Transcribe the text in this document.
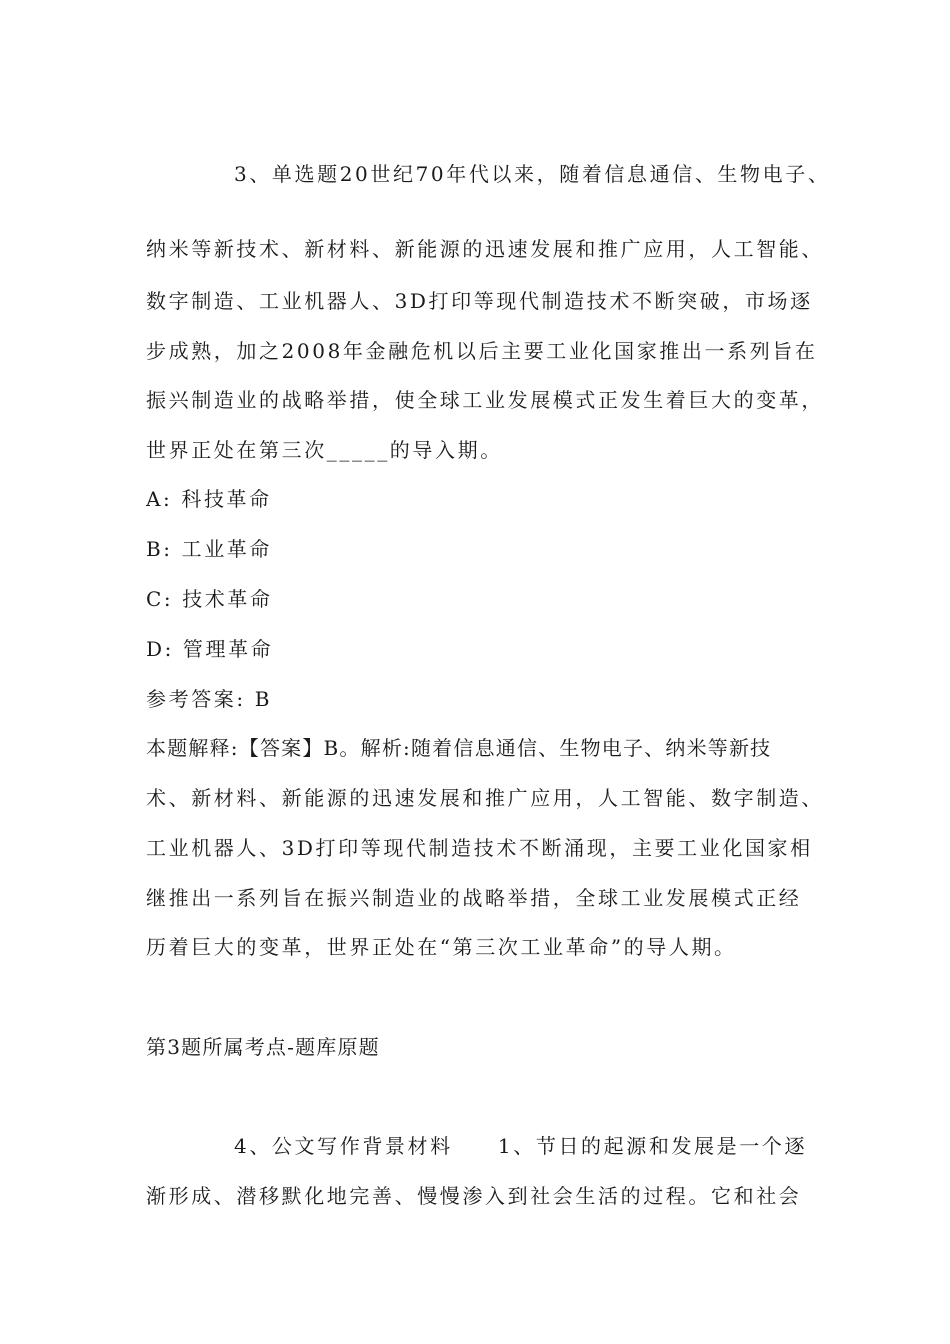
3、单选题20世纪70年代以来，随着信息通信、生物电子、
纳米等新技术、新材料、新能源的迅速发展和推广应用，人工智能、
数字制造、工业机器人、3D打印等现代制造技术不断突破，市场逐
步成熟，加之2008年金融危机以后主要工业化国家推出一系列旨在
振兴制造业的战略举措，使全球工业发展模式正发生着巨大的变革，
世界正处在第三次_____的导入期。
A: 科技革命
B: 工业革命
C: 技术革命
D: 管理革命
参考答案: B
本题解释:【答案】B。解析:随着信息通信、生物电子、纳米等新技
术、新材料、新能源的迅速发展和推广应用，人工智能、数字制造、
工业机器人、3D打印等现代制造技术不断涌现，主要工业化国家相
继推出一系列旨在振兴制造业的战略举措，全球工业发展模式正经
历着巨大的变革，世界正处在“第三次工业革命”的导人期。
第3题所属考点-题库原题
4、公文写作背景材料　　1、节日的起源和发展是一个逐
渐形成、潜移默化地完善、慢慢渗入到社会生活的过程。它和社会
